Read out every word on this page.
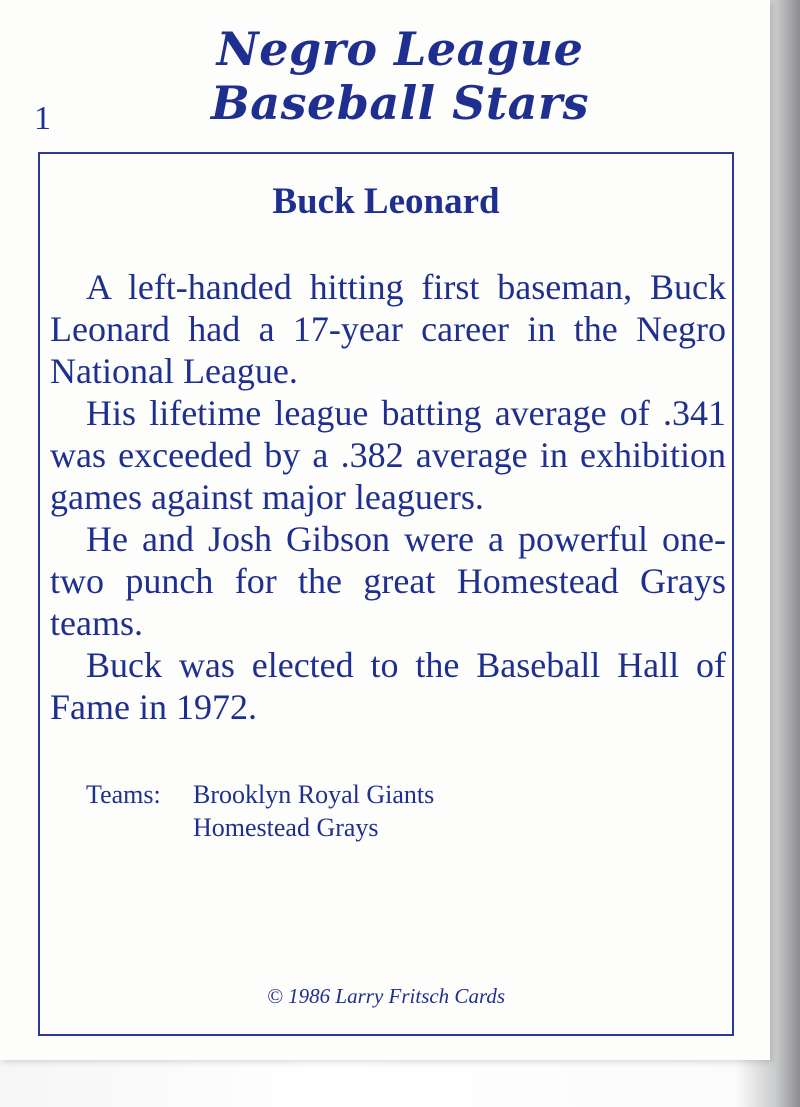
Negro League
Baseball Stars
1
Buck Leonard

A left-handed hitting first baseman, Buck Leonard had a 17-year career in the Negro National League.

His lifetime league batting average of .341 was exceeded by a .382 average in exhibition games against major leaguers.

He and Josh Gibson were a powerful one-two punch for the great Homestead Grays teams.

Buck was elected to the Baseball Hall of Fame in 1972.

Teams:	Brooklyn Royal Giants
Homestead Grays
© 1986 Larry Fritsch Cards
